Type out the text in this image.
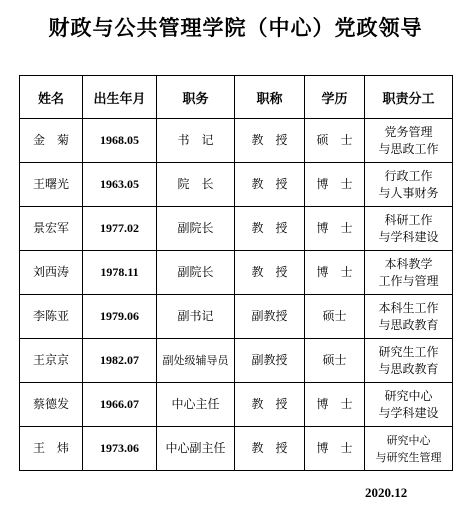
财政与公共管理学院（中心）党政领导
姓名	出生年月	职务	职称	学历	职责分工
金　菊	1968.05	书　记	教　授	硕　士	党务管理
与思政工作
王曙光	1963.05	院　长	教　授	博　士	行政工作
与人事财务
景宏军	1977.02	副院长	教　授	博　士	科研工作
与学科建设
刘西涛	1978.11	副院长	教　授	博　士	本科教学
工作与管理
李陈亚	1979.06	副书记	副教授	硕士	本科生工作
与思政教育
王京京	1982.07	副处级辅导员	副教授	硕士	研究生工作
与思政教育
蔡德发	1966.07	中心主任	教　授	博　士	研究中心
与学科建设
王　炜	1973.06	中心副主任	教　授	博　士	研究中心
与研究生管理
2020.12
